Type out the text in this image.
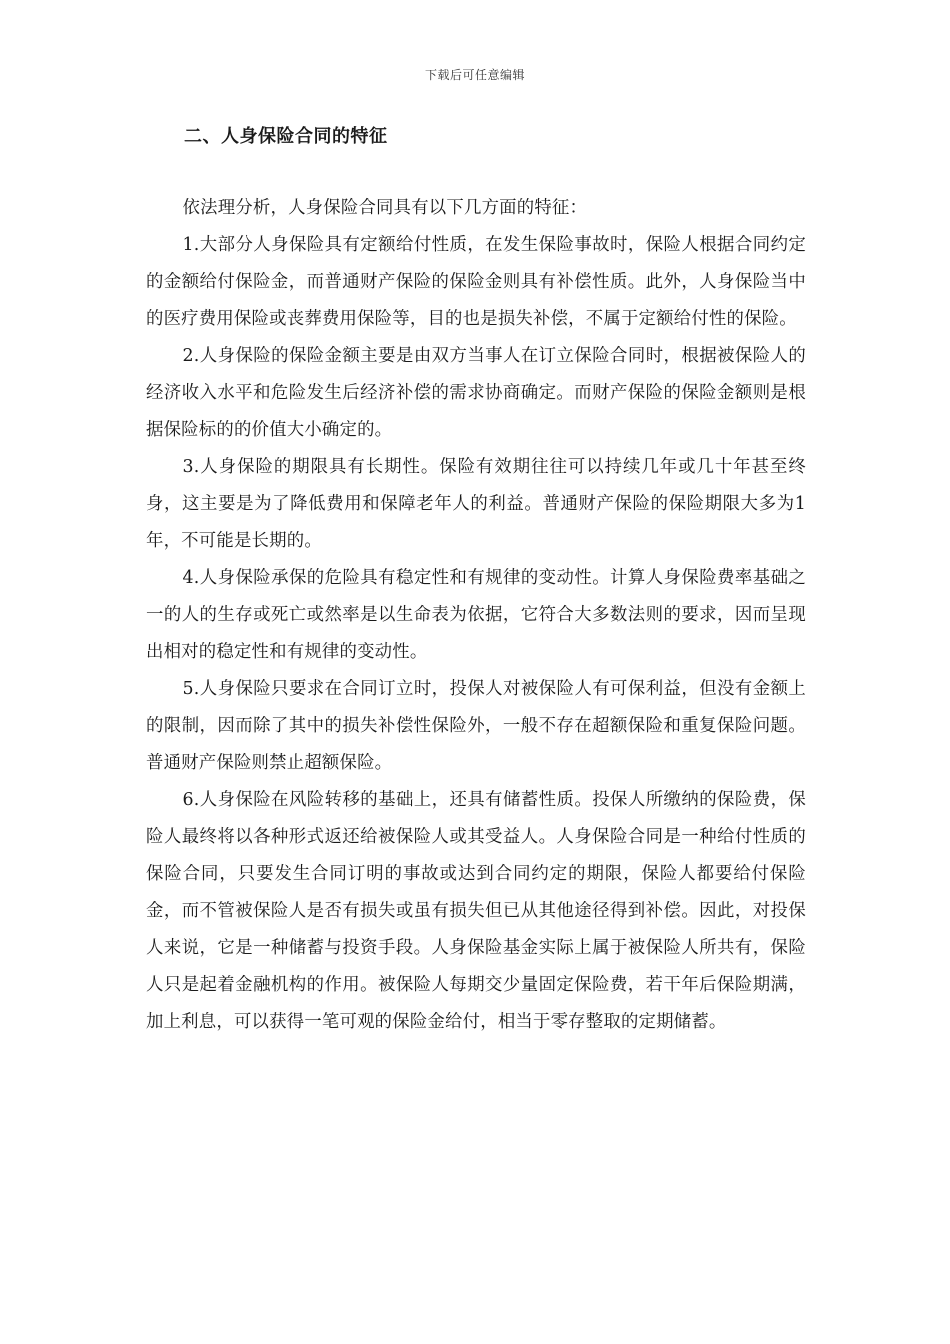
下载后可任意编辑
二、人身保险合同的特征

依法理分析，人身保险合同具有以下几方面的特征：

1.大部分人身保险具有定额给付性质，在发生保险事故时，保险人根据合同约定的金额给付保险金，而普通财产保险的保险金则具有补偿性质。此外，人身保险当中的医疗费用保险或丧葬费用保险等，目的也是损失补偿，不属于定额给付性的保险。

2.人身保险的保险金额主要是由双方当事人在订立保险合同时，根据被保险人的经济收入水平和危险发生后经济补偿的需求协商确定。而财产保险的保险金额则是根据保险标的的价值大小确定的。

3.人身保险的期限具有长期性。保险有效期往往可以持续几年或几十年甚至终身，这主要是为了降低费用和保障老年人的利益。普通财产保险的保险期限大多为1年，不可能是长期的。

4.人身保险承保的危险具有稳定性和有规律的变动性。计算人身保险费率基础之一的人的生存或死亡或然率是以生命表为依据，它符合大多数法则的要求，因而呈现出相对的稳定性和有规律的变动性。

5.人身保险只要求在合同订立时，投保人对被保险人有可保利益，但没有金额上的限制，因而除了其中的损失补偿性保险外，一般不存在超额保险和重复保险问题。普通财产保险则禁止超额保险。

6.人身保险在风险转移的基础上，还具有储蓄性质。投保人所缴纳的保险费，保险人最终将以各种形式返还给被保险人或其受益人。人身保险合同是一种给付性质的保险合同，只要发生合同订明的事故或达到合同约定的期限，保险人都要给付保险金，而不管被保险人是否有损失或虽有损失但已从其他途径得到补偿。因此，对投保人来说，它是一种储蓄与投资手段。人身保险基金实际上属于被保险人所共有，保险人只是起着金融机构的作用。被保险人每期交少量固定保险费，若干年后保险期满，加上利息，可以获得一笔可观的保险金给付，相当于零存整取的定期储蓄。
